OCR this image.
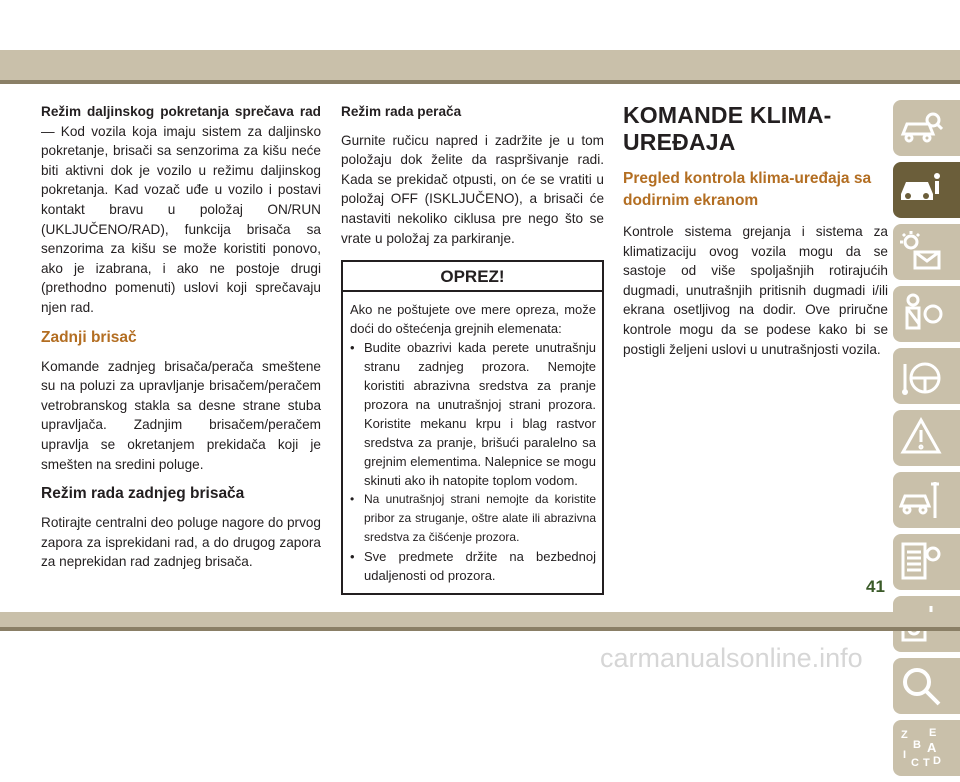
Režim daljinskog pokretanja sprečava rad — Kod vozila koja imaju sistem za daljinsko pokretanje, brisači sa senzorima za kišu neće biti aktivni dok je vozilo u režimu daljinskog pokretanja. Kad vozač uđe u vozilo i postavi kontakt bravu u položaj ON/RUN (UKLJUČENO/RAD), funkcija brisača sa senzorima za kišu se može koristiti ponovo, ako je izabrana, i ako ne postoje drugi (prethodno pomenuti) uslovi koji sprečavaju njen rad.

Zadnji brisač

Komande zadnjeg brisača/perača smeštene su na poluzi za upravljanje brisačem/peračem vetrobranskog stakla sa desne strane stuba upravljača. Zadnjim brisačem/peračem upravlja se okretanjem prekidača koji je smešten na sredini poluge.

Režim rada zadnjeg brisača

Rotirajte centralni deo poluge nagore do prvog zapora za isprekidani rad, a do drugog zapora za neprekidan rad zadnjeg brisača.

Režim rada perača

Gurnite ručicu napred i zadržite je u tom položaju dok želite da raspršivanje radi. Kada se prekidač otpusti, on će se vratiti u položaj OFF (ISKLJUČENO), a brisači će nastaviti nekoliko ciklusa pre nego što se vrate u položaj za parkiranje.

OPREZ!

Ako ne poštujete ove mere opreza, može doći do oštećenja grejnih elemenata:

• Budite obazrivi kada perete unutrašnju stranu zadnjeg prozora. Nemojte koristiti abrazivna sredstva za pranje prozora na unutrašnjoj strani prozora. Koristite mekanu krpu i blag rastvor sredstva za pranje, brišući paralelno sa grejnim elementima. Nalepnice se mogu skinuti ako ih natopite toplom vodom.
• Na unutrašnjoj strani nemojte da koristite pribor za struganje, oštre alate ili abrazivna sredstva za čišćenje prozora.
• Sve predmete držite na bezbednoj udaljenosti od prozora.
KOMANDE KLIMA-UREĐAJA
Pregled kontrola klima-uređaja sa dodirnim ekranom

Kontrole sistema grejanja i sistema za klimatizaciju ovog vozila mogu da se sastoje od više spoljašnjih rotirajućih dugmadi, unutrašnjih pritisnih dugmadi i/ili ekrana osetljivog na dodir. Ove priručne kontrole mogu da se podese kako bi se postigli željeni uslovi u unutrašnjosti vozila.

Z E
B A
I
C T D
41
carmanualsonline.info
